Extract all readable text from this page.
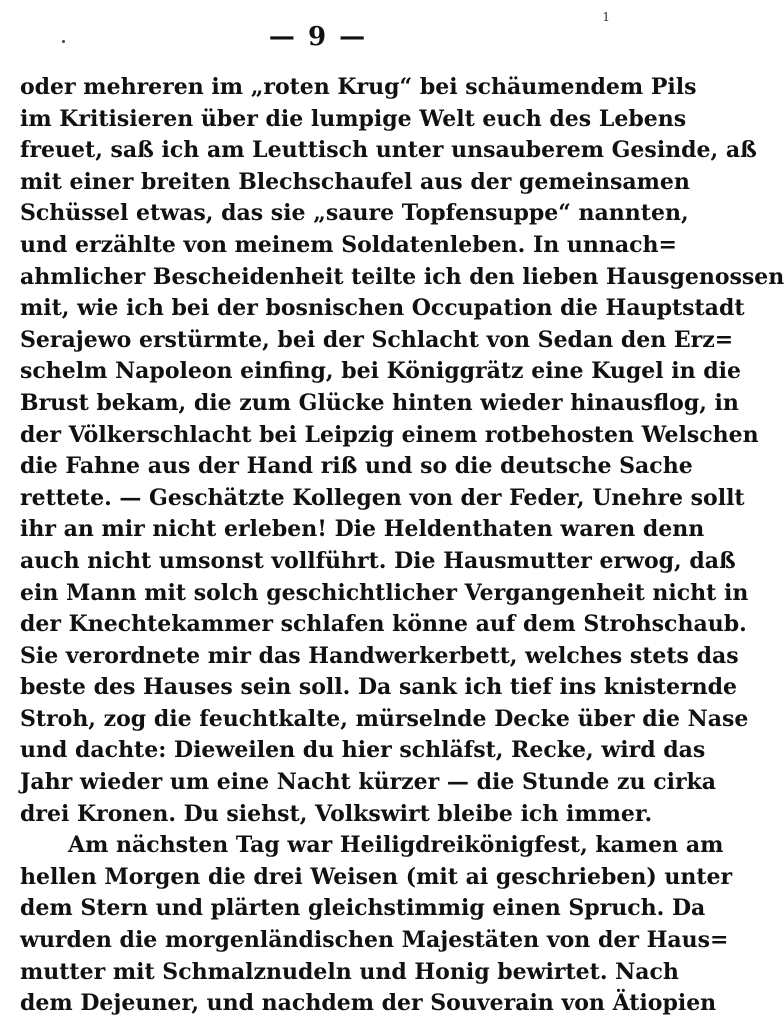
1
— 9 —
oder mehreren im „roten Krug“ bei schäumendem Pils
im Kritisieren über die lumpige Welt euch des Lebens
freuet, saß ich am Leuttisch unter unsauberem Gesinde, aß
mit einer breiten Blechschaufel aus der gemeinsamen
Schüssel etwas, das sie „saure Topfensuppe“ nannten,
und erzählte von meinem Soldatenleben. In unnach=
ahmlicher Bescheidenheit teilte ich den lieben Hausgenossen
mit, wie ich bei der bosnischen Occupation die Hauptstadt
Serajewo erstürmte, bei der Schlacht von Sedan den Erz=
schelm Napoleon einfing, bei Königgrätz eine Kugel in die
Brust bekam, die zum Glücke hinten wieder hinausflog, in
der Völkerschlacht bei Leipzig einem rotbehosten Welschen
die Fahne aus der Hand riß und so die deutsche Sache
rettete. — Geschätzte Kollegen von der Feder, Unehre sollt
ihr an mir nicht erleben! Die Heldenthaten waren denn
auch nicht umsonst vollführt. Die Hausmutter erwog, daß
ein Mann mit solch geschichtlicher Vergangenheit nicht in
der Knechtekammer schlafen könne auf dem Strohschaub.
Sie verordnete mir das Handwerkerbett, welches stets das
beste des Hauses sein soll. Da sank ich tief ins knisternde
Stroh, zog die feuchtkalte, mürselnde Decke über die Nase
und dachte: Dieweilen du hier schläfst, Recke, wird das
Jahr wieder um eine Nacht kürzer — die Stunde zu cirka
drei Kronen. Du siehst, Volkswirt bleibe ich immer.
Am nächsten Tag war Heiligdreikönigfest, kamen am
hellen Morgen die drei Weisen (mit ai geschrieben) unter
dem Stern und plärten gleichstimmig einen Spruch. Da
wurden die morgenländischen Majestäten von der Haus=
mutter mit Schmalznudeln und Honig bewirtet. Nach
dem Dejeuner, und nachdem der Souverain von Ätiopien
